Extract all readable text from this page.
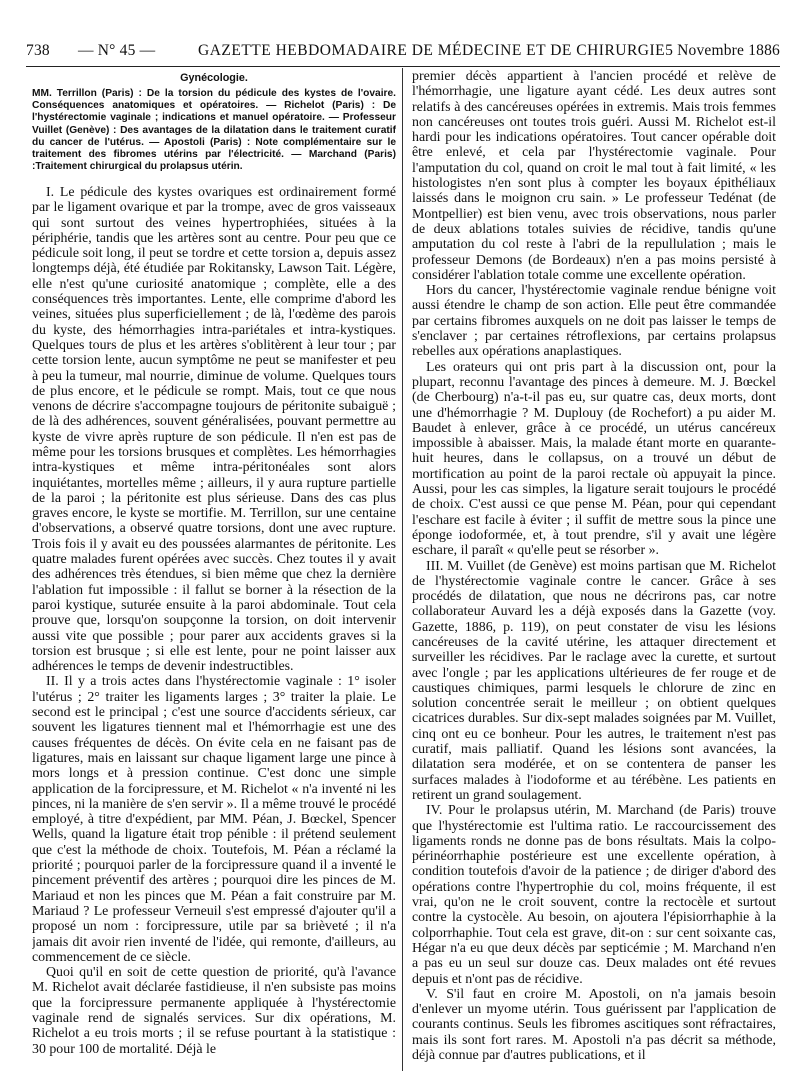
738 — N° 45 —	GAZETTE HEBDOMADAIRE DE MÉDECINE ET DE CHIRURGIE 5 Novembre 1886
Gynécologie.
MM. Terrillon (Paris) : De la torsion du pédicule des kystes de l'ovaire. Conséquences anatomiques et opératoires. — Richelot (Paris) : De l'hystérectomie vaginale ; indications et manuel opératoire. — Professeur Vuillet (Genève) : Des avantages de la dilatation dans le traitement curatif du cancer de l'utérus. — Apostoli (Paris) : Note complémentaire sur le traitement des fibromes utérins par l'électricité. — Marchand (Paris) :Traitement chirurgical du prolapsus utérin.

I. Le pédicule des kystes ovariques est ordinairement formé par le ligament ovarique et par la trompe, avec de gros vaisseaux qui sont surtout des veines hypertrophiées, situées à la périphérie, tandis que les artères sont au centre. Pour peu que ce pédicule soit long, il peut se tordre et cette torsion a, depuis assez longtemps déjà, été étudiée par Rokitansky, Lawson Tait. Légère, elle n'est qu'une curiosité anatomique ; complète, elle a des conséquences très importantes. Lente, elle comprime d'abord les veines, situées plus superficiellement ; de là, l'œdème des parois du kyste, des hémorrhagies intra-pariétales et intra-kystiques. Quelques tours de plus et les artères s'oblitèrent à leur tour ; par cette torsion lente, aucun symptôme ne peut se manifester et peu à peu la tumeur, mal nourrie, diminue de volume. Quelques tours de plus encore, et le pédicule se rompt. Mais, tout ce que nous venons de décrire s'accompagne toujours de péritonite subaiguë ; de là des adhérences, souvent généralisées, pouvant permettre au kyste de vivre après rupture de son pédicule. Il n'en est pas de même pour les torsions brusques et complètes. Les hémorrhagies intra-kystiques et même intra-péritonéales sont alors inquiétantes, mortelles même ; ailleurs, il y aura rupture partielle de la paroi ; la péritonite est plus sérieuse. Dans des cas plus graves encore, le kyste se mortifie. M. Terrillon, sur une centaine d'observations, a observé quatre torsions, dont une avec rupture. Trois fois il y avait eu des poussées alarmantes de péritonite. Les quatre malades furent opérées avec succès. Chez toutes il y avait des adhérences très étendues, si bien même que chez la dernière l'ablation fut impossible : il fallut se borner à la résection de la paroi kystique, suturée ensuite à la paroi abdominale. Tout cela prouve que, lorsqu'on soupçonne la torsion, on doit intervenir aussi vite que possible ; pour parer aux accidents graves si la torsion est brusque ; si elle est lente, pour ne point laisser aux adhérences le temps de devenir indestructibles.

II. Il y a trois actes dans l'hystérectomie vaginale : 1° isoler l'utérus ; 2° traiter les ligaments larges ; 3° traiter la plaie. Le second est le principal ; c'est une source d'accidents sérieux, car souvent les ligatures tiennent mal et l'hémorrhagie est une des causes fréquentes de décès. On évite cela en ne faisant pas de ligatures, mais en laissant sur chaque ligament large une pince à mors longs et à pression continue. C'est donc une simple application de la forcipressure, et M. Richelot « n'a inventé ni les pinces, ni la manière de s'en servir ». Il a même trouvé le procédé employé, à titre d'expédient, par MM. Péan, J. Bœckel, Spencer Wells, quand la ligature était trop pénible : il prétend seulement que c'est la méthode de choix. Toutefois, M. Péan a réclamé la priorité ; pourquoi parler de la forcipressure quand il a inventé le pincement préventif des artères ; pourquoi dire les pinces de M. Mariaud et non les pinces que M. Péan a fait construire par M. Mariaud ? Le professeur Verneuil s'est empressé d'ajouter qu'il a proposé un nom : forcipressure, utile par sa brièveté ; il n'a jamais dit avoir rien inventé de l'idée, qui remonte, d'ailleurs, au commencement de ce siècle.

Quoi qu'il en soit de cette question de priorité, qu'à l'avance M. Richelot avait déclarée fastidieuse, il n'en subsiste pas moins que la forcipressure permanente appliquée à l'hystérectomie vaginale rend de signalés services. Sur dix opérations, M. Richelot a eu trois morts ; il se refuse pourtant à la statistique : 30 pour 100 de mortalité. Déjà le

premier décès appartient à l'ancien procédé et relève de l'hémorrhagie, une ligature ayant cédé. Les deux autres sont relatifs à des cancéreuses opérées in extremis. Mais trois femmes non cancéreuses ont toutes trois guéri. Aussi M. Richelot est-il hardi pour les indications opératoires. Tout cancer opérable doit être enlevé, et cela par l'hystérectomie vaginale. Pour l'amputation du col, quand on croit le mal tout à fait limité, « les histologistes n'en sont plus à compter les boyaux épithéliaux laissés dans le moignon cru sain. » Le professeur Tedénat (de Montpellier) est bien venu, avec trois observations, nous parler de deux ablations totales suivies de récidive, tandis qu'une amputation du col reste à l'abri de la repullulation ; mais le professeur Demons (de Bordeaux) n'en a pas moins persisté à considérer l'ablation totale comme une excellente opération.

Hors du cancer, l'hystérectomie vaginale rendue bénigne voit aussi étendre le champ de son action. Elle peut être commandée par certains fibromes auxquels on ne doit pas laisser le temps de s'enclaver ; par certaines rétroflexions, par certains prolapsus rebelles aux opérations anaplastiques.

Les orateurs qui ont pris part à la discussion ont, pour la plupart, reconnu l'avantage des pinces à demeure. M. J. Bœckel (de Cherbourg) n'a-t-il pas eu, sur quatre cas, deux morts, dont une d'hémorrhagie ? M. Duplouy (de Rochefort) a pu aider M. Baudet à enlever, grâce à ce procédé, un utérus cancéreux impossible à abaisser. Mais, la malade étant morte en quarante-huit heures, dans le collapsus, on a trouvé un début de mortification au point de la paroi rectale où appuyait la pince. Aussi, pour les cas simples, la ligature serait toujours le procédé de choix. C'est aussi ce que pense M. Péan, pour qui cependant l'eschare est facile à éviter ; il suffit de mettre sous la pince une éponge iodoformée, et, à tout prendre, s'il y avait une légère eschare, il paraît « qu'elle peut se résorber ».

III. M. Vuillet (de Genève) est moins partisan que M. Richelot de l'hystérectomie vaginale contre le cancer. Grâce à ses procédés de dilatation, que nous ne décrirons pas, car notre collaborateur Auvard les a déjà exposés dans la Gazette (voy. Gazette, 1886, p. 119), on peut constater de visu les lésions cancéreuses de la cavité utérine, les attaquer directement et surveiller les récidives. Par le raclage avec la curette, et surtout avec l'ongle ; par les applications ultérieures de fer rouge et de caustiques chimiques, parmi lesquels le chlorure de zinc en solution concentrée serait le meilleur ; on obtient quelques cicatrices durables. Sur dix-sept malades soignées par M. Vuillet, cinq ont eu ce bonheur. Pour les autres, le traitement n'est pas curatif, mais palliatif. Quand les lésions sont avancées, la dilatation sera modérée, et on se contentera de panser les surfaces malades à l'iodoforme et au térébène. Les patients en retirent un grand soulagement.

IV. Pour le prolapsus utérin, M. Marchand (de Paris) trouve que l'hystérectomie est l'ultima ratio. Le raccourcissement des ligaments ronds ne donne pas de bons résultats. Mais la colpo-périnéorrhaphie postérieure est une excellente opération, à condition toutefois d'avoir de la patience ; de diriger d'abord des opérations contre l'hypertrophie du col, moins fréquente, il est vrai, qu'on ne le croit souvent, contre la rectocèle et surtout contre la cystocèle. Au besoin, on ajoutera l'épisiorrhaphie à la colporrhaphie. Tout cela est grave, dit-on : sur cent soixante cas, Hégar n'a eu que deux décès par septicémie ; M. Marchand n'en a pas eu un seul sur douze cas. Deux malades ont été revues depuis et n'ont pas de récidive.

V. S'il faut en croire M. Apostoli, on n'a jamais besoin d'enlever un myome utérin. Tous guérissent par l'application de courants continus. Seuls les fibromes ascitiques sont réfractaires, mais ils sont fort rares. M. Apostoli n'a pas décrit sa méthode, déjà connue par d'autres publications, et il
